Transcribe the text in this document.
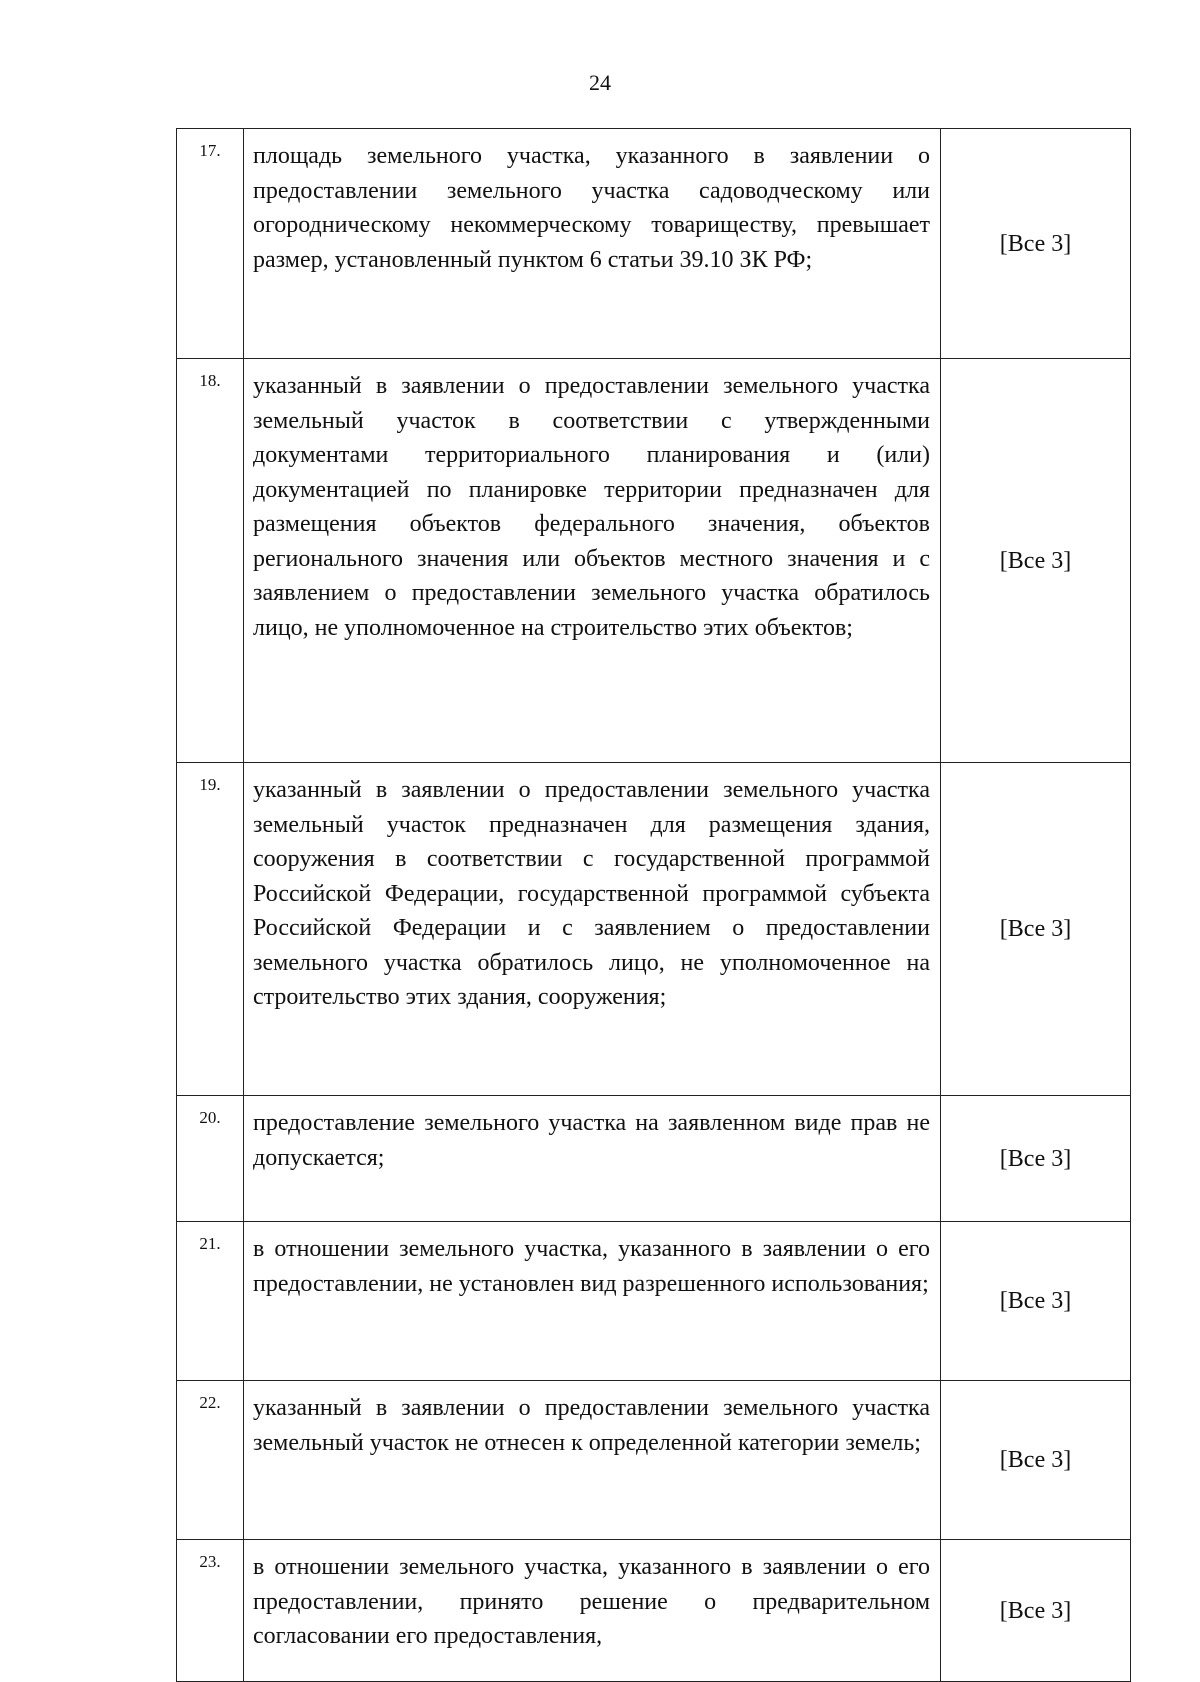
24
17.	площадь земельного участка, указанного в заявлении о предоставлении земельного участка садоводческому или огородническому некоммерческому товариществу, превышает размер, установленный пунктом 6 статьи 39.10 ЗК РФ;	[Все 3]

18.	указанный в заявлении о предоставлении земельного участка земельный участок в соответствии с утвержденными документами территориального планирования и (или) документацией по планировке территории предназначен для размещения объектов федерального значения, объектов регионального значения или объектов местного значения и с заявлением о предоставлении земельного участка обратилось лицо, не уполномоченное на строительство этих объектов;	[Все 3]

19.	указанный в заявлении о предоставлении земельного участка земельный участок предназначен для размещения здания, сооружения в соответствии с государственной программой Российской Федерации, государственной программой субъекта Российской Федерации и с заявлением о предоставлении земельного участка обратилось лицо, не уполномоченное на строительство этих здания, сооружения;	[Все 3]

20.	предоставление земельного участка на заявленном виде прав не допускается;	[Все 3]

21.	в отношении земельного участка, указанного в заявлении о его предоставлении, не установлен вид разрешенного использования;	[Все 3]

22.	указанный в заявлении о предоставлении земельного участка земельный участок не отнесен к определенной категории земель;	[Все 3]

23.	в отношении земельного участка, указанного в заявлении о его предоставлении, принято решение о предварительном согласовании его предоставления,	[Все 3]
